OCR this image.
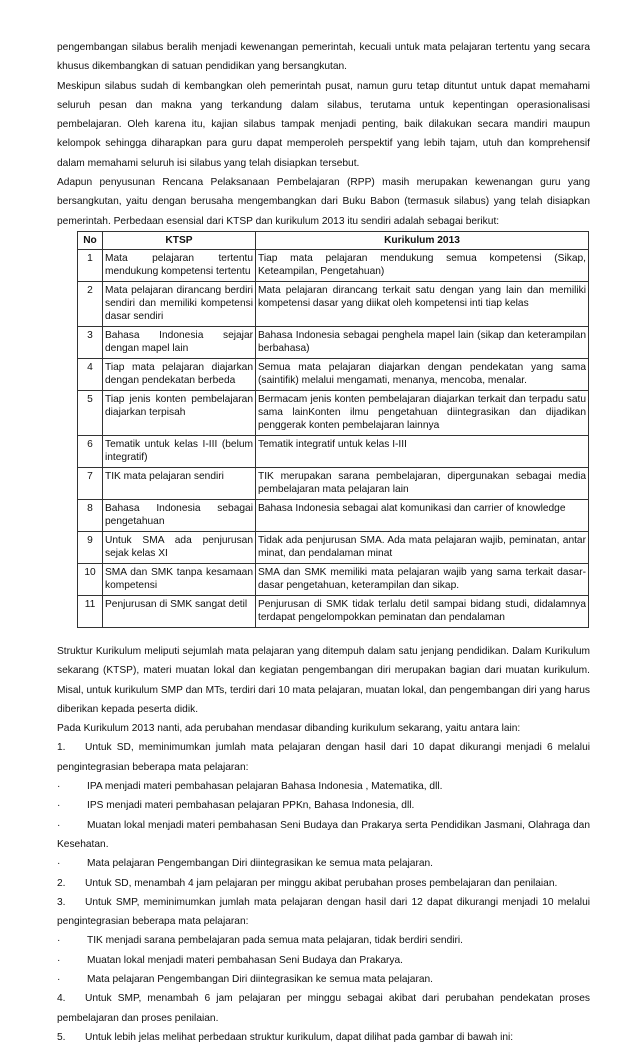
pengembangan silabus beralih menjadi kewenangan pemerintah, kecuali untuk mata pelajaran tertentu yang secara khusus dikembangkan di satuan pendidikan yang bersangkutan.

Meskipun silabus sudah di kembangkan oleh pemerintah pusat, namun guru tetap dituntut untuk dapat memahami seluruh pesan dan makna yang terkandung dalam silabus, terutama untuk kepentingan operasionalisasi pembelajaran. Oleh karena itu, kajian silabus tampak menjadi penting, baik dilakukan secara mandiri maupun kelompok sehingga diharapkan para guru dapat memperoleh perspektif yang lebih tajam, utuh dan komprehensif dalam memahami seluruh isi silabus yang telah disiapkan tersebut.

Adapun penyusunan Rencana Pelaksanaan Pembelajaran (RPP) masih merupakan kewenangan guru yang bersangkutan, yaitu dengan berusaha mengembangkan dari Buku Babon (termasuk silabus) yang telah disiapkan pemerintah. Perbedaan esensial dari KTSP dan kurikulum 2013 itu sendiri adalah sebagai berikut:

No	KTSP	Kurikulum 2013
1	Mata pelajaran tertentu mendukung kompetensi tertentu	Tiap mata pelajaran mendukung semua kompetensi (Sikap, Keteampilan, Pengetahuan)
2	Mata pelajaran dirancang berdiri sendiri dan memiliki kompetensi dasar sendiri	Mata pelajaran dirancang terkait satu dengan yang lain dan memiliki kompetensi dasar yang diikat oleh kompetensi inti tiap kelas
3	Bahasa Indonesia sejajar dengan mapel lain	Bahasa Indonesia sebagai penghela mapel lain (sikap dan keterampilan berbahasa)
4	Tiap mata pelajaran diajarkan dengan pendekatan berbeda	Semua mata pelajaran diajarkan dengan pendekatan yang sama (saintifik) melalui mengamati, menanya, mencoba, menalar.
5	Tiap jenis konten pembelajaran diajarkan terpisah	Bermacam jenis konten pembelajaran diajarkan terkait dan terpadu satu sama lainKonten ilmu pengetahuan diintegrasikan dan dijadikan penggerak konten pembelajaran lainnya
6	Tematik untuk kelas I-III (belum integratif)	Tematik integratif untuk kelas I-III
7	TIK mata pelajaran sendiri	TIK merupakan sarana pembelajaran, dipergunakan sebagai media pembelajaran mata pelajaran lain
8	Bahasa Indonesia sebagai pengetahuan	Bahasa Indonesia sebagai alat komunikasi dan carrier of knowledge
9	Untuk SMA ada penjurusan sejak kelas XI	Tidak ada penjurusan SMA. Ada mata pelajaran wajib, peminatan, antar minat, dan pendalaman minat
10	SMA dan SMK tanpa kesamaan kompetensi	SMA dan SMK memiliki mata pelajaran wajib yang sama terkait dasar-dasar pengetahuan, keterampilan dan sikap.
11	Penjurusan di SMK sangat detil	Penjurusan di SMK tidak terlalu detil sampai bidang studi, didalamnya terdapat pengelompokkan peminatan dan pendalaman

Struktur Kurikulum meliputi sejumlah mata pelajaran yang ditempuh dalam satu jenjang pendidikan. Dalam Kurikulum sekarang (KTSP), materi muatan lokal dan kegiatan pengembangan diri merupakan bagian dari muatan kurikulum. Misal, untuk kurikulum SMP dan MTs, terdiri dari 10 mata pelajaran, muatan lokal, dan pengembangan diri yang harus diberikan kepada peserta didik.

Pada Kurikulum 2013 nanti, ada perubahan mendasar dibanding kurikulum sekarang, yaitu antara lain:

1. Untuk SD, meminimumkan jumlah mata pelajaran dengan hasil dari 10 dapat dikurangi menjadi 6 melalui pengintegrasian beberapa mata pelajaran:

·	IPA menjadi materi pembahasan pelajaran Bahasa Indonesia , Matematika, dll.

·	IPS menjadi materi pembahasan pelajaran PPKn, Bahasa Indonesia, dll.

·	Muatan lokal menjadi materi pembahasan Seni Budaya dan Prakarya serta Pendidikan Jasmani, Olahraga dan Kesehatan.

·	Mata pelajaran Pengembangan Diri diintegrasikan ke semua mata pelajaran.

2. Untuk SD, menambah 4 jam pelajaran per minggu akibat perubahan proses pembelajaran dan penilaian.

3. Untuk SMP, meminimumkan jumlah mata pelajaran dengan hasil dari 12 dapat dikurangi menjadi 10 melalui pengintegrasian beberapa mata pelajaran:

·	TIK menjadi sarana pembelajaran pada semua mata pelajaran, tidak berdiri sendiri.

·	Muatan lokal menjadi materi pembahasan Seni Budaya dan Prakarya.

·	Mata pelajaran Pengembangan Diri diintegrasikan ke semua mata pelajaran.

4. Untuk SMP, menambah 6 jam pelajaran per minggu sebagai akibat dari perubahan pendekatan proses pembelajaran dan proses penilaian.

5. Untuk lebih jelas melihat perbedaan struktur kurikulum, dapat dilihat pada gambar di bawah ini:
